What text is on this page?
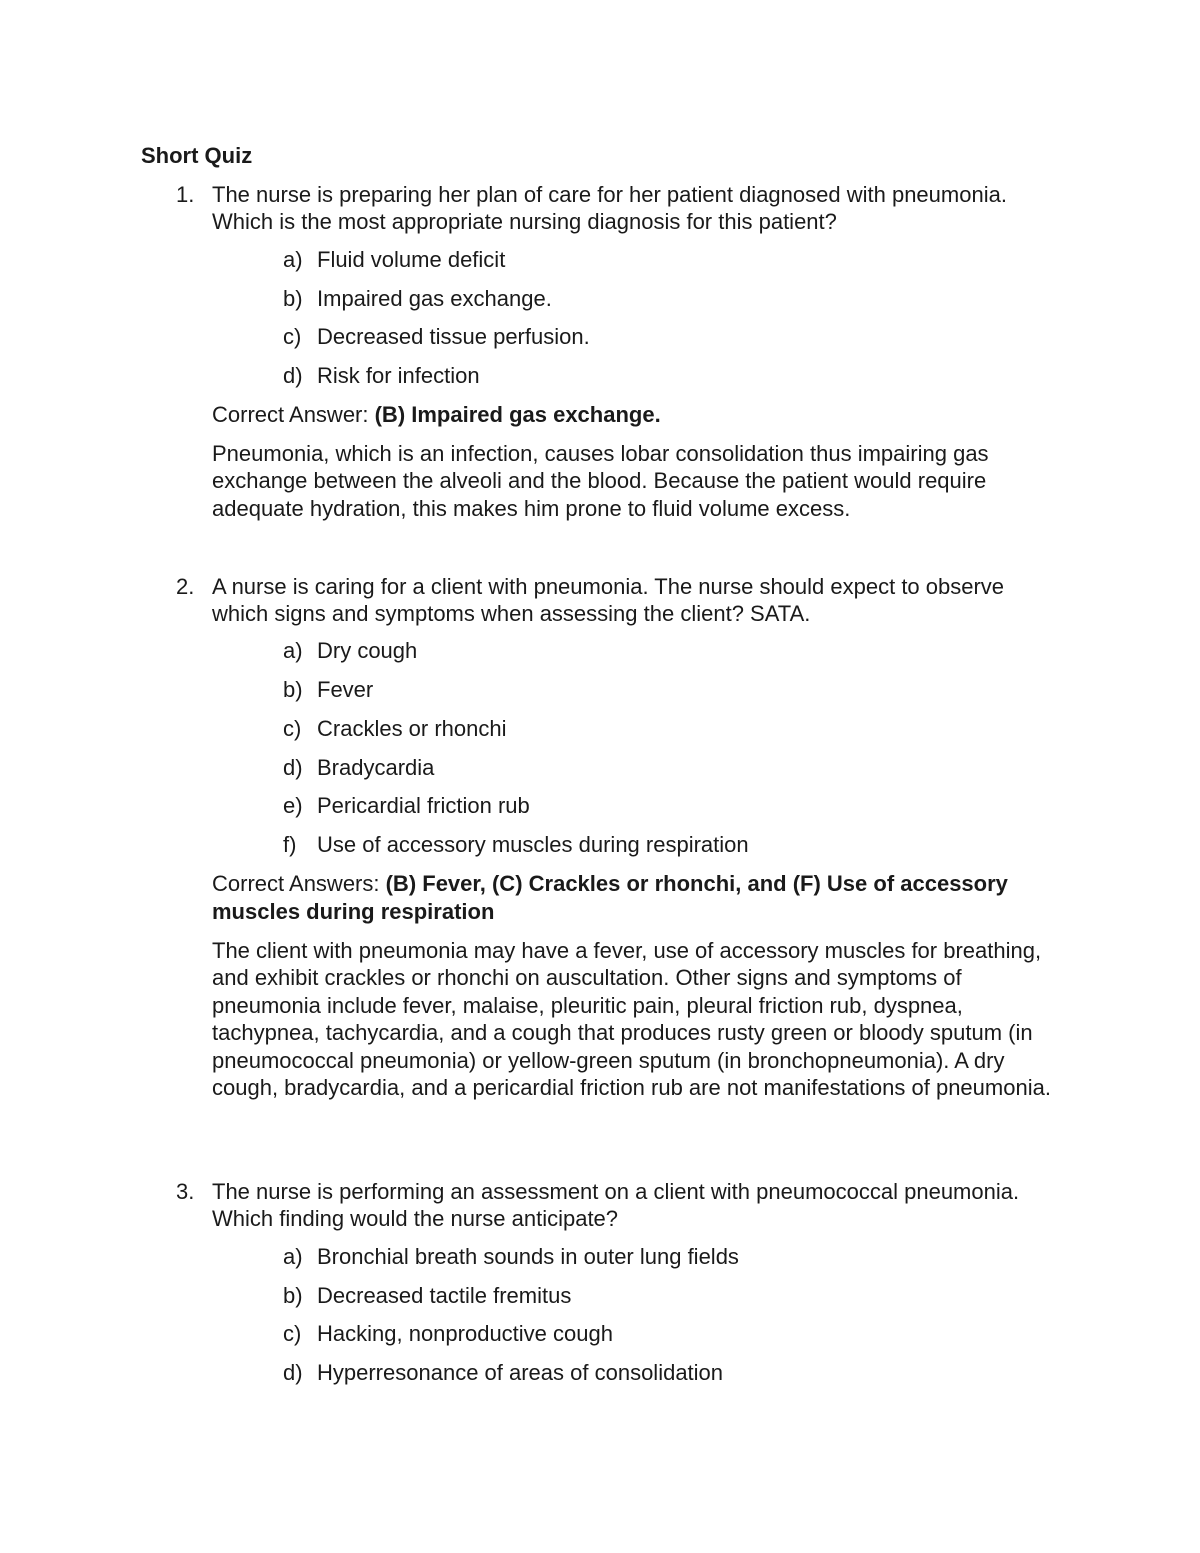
Short Quiz
1. The nurse is preparing her plan of care for her patient diagnosed with pneumonia. Which is the most appropriate nursing diagnosis for this patient?

a) Fluid volume deficit
b) Impaired gas exchange.
c) Decreased tissue perfusion.
d) Risk for infection

Correct Answer: (B) Impaired gas exchange.

Pneumonia, which is an infection, causes lobar consolidation thus impairing gas exchange between the alveoli and the blood. Because the patient would require adequate hydration, this makes him prone to fluid volume excess.

2. A nurse is caring for a client with pneumonia. The nurse should expect to observe which signs and symptoms when assessing the client? SATA.

a) Dry cough
b) Fever
c) Crackles or rhonchi
d) Bradycardia
e) Pericardial friction rub
f) Use of accessory muscles during respiration

Correct Answers: (B) Fever, (C) Crackles or rhonchi, and (F) Use of accessory muscles during respiration

The client with pneumonia may have a fever, use of accessory muscles for breathing, and exhibit crackles or rhonchi on auscultation. Other signs and symptoms of pneumonia include fever, malaise, pleuritic pain, pleural friction rub, dyspnea, tachypnea, tachycardia, and a cough that produces rusty green or bloody sputum (in pneumococcal pneumonia) or yellow-green sputum (in bronchopneumonia). A dry cough, bradycardia, and a pericardial friction rub are not manifestations of pneumonia.

3. The nurse is performing an assessment on a client with pneumococcal pneumonia. Which finding would the nurse anticipate?

a) Bronchial breath sounds in outer lung fields
b) Decreased tactile fremitus
c) Hacking, nonproductive cough
d) Hyperresonance of areas of consolidation
